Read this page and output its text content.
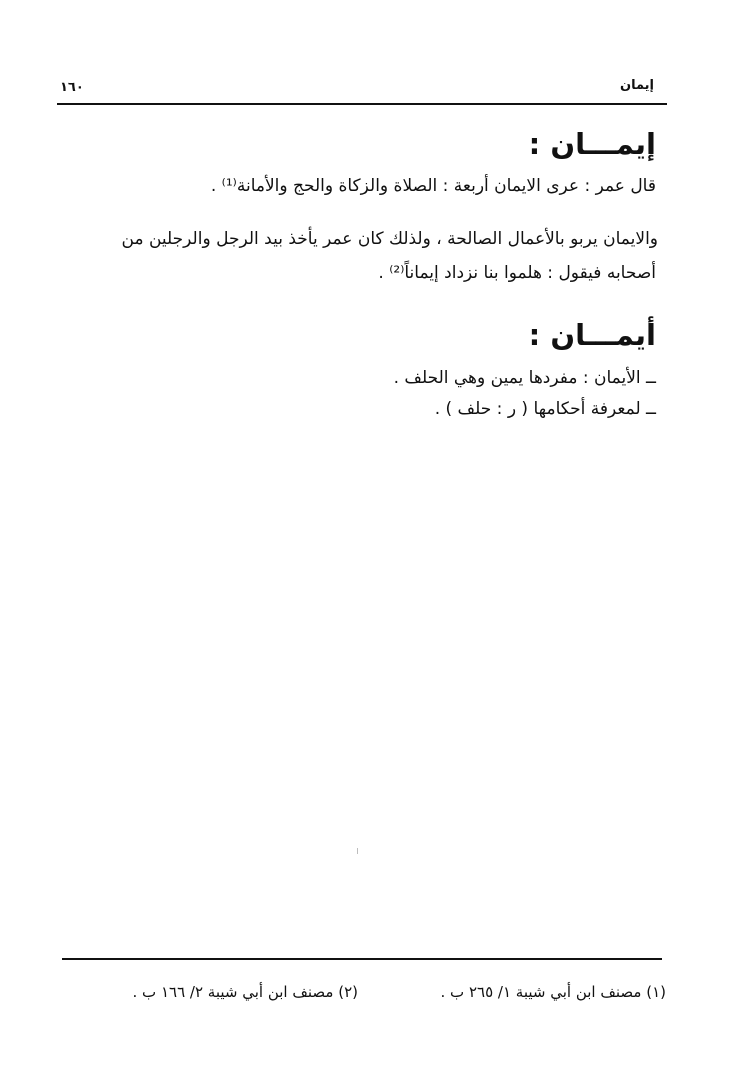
إيمان
١٦٠
إيمـــان :
قال عمر : عرى الايمان أربعة : الصلاة والزكاة والحج والأمانة⁽¹⁾ .
والايمان يربو بالأعمال الصالحة ، ولذلك كان عمر يأخذ بيد الرجل والرجلين من
أصحابه فيقول : هلموا بنا نزداد إيماناً⁽²⁾ .
أيمـــان :
ــ الأيمان : مفردها يمين وهي الحلف .
ــ لمعرفة أحكامها ( ر : حلف ) .
(١) مصنف ابن أبي شيبة ١/ ٢٦٥ ب .
(٢) مصنف ابن أبي شيبة ٢/ ١٦٦ ب .
